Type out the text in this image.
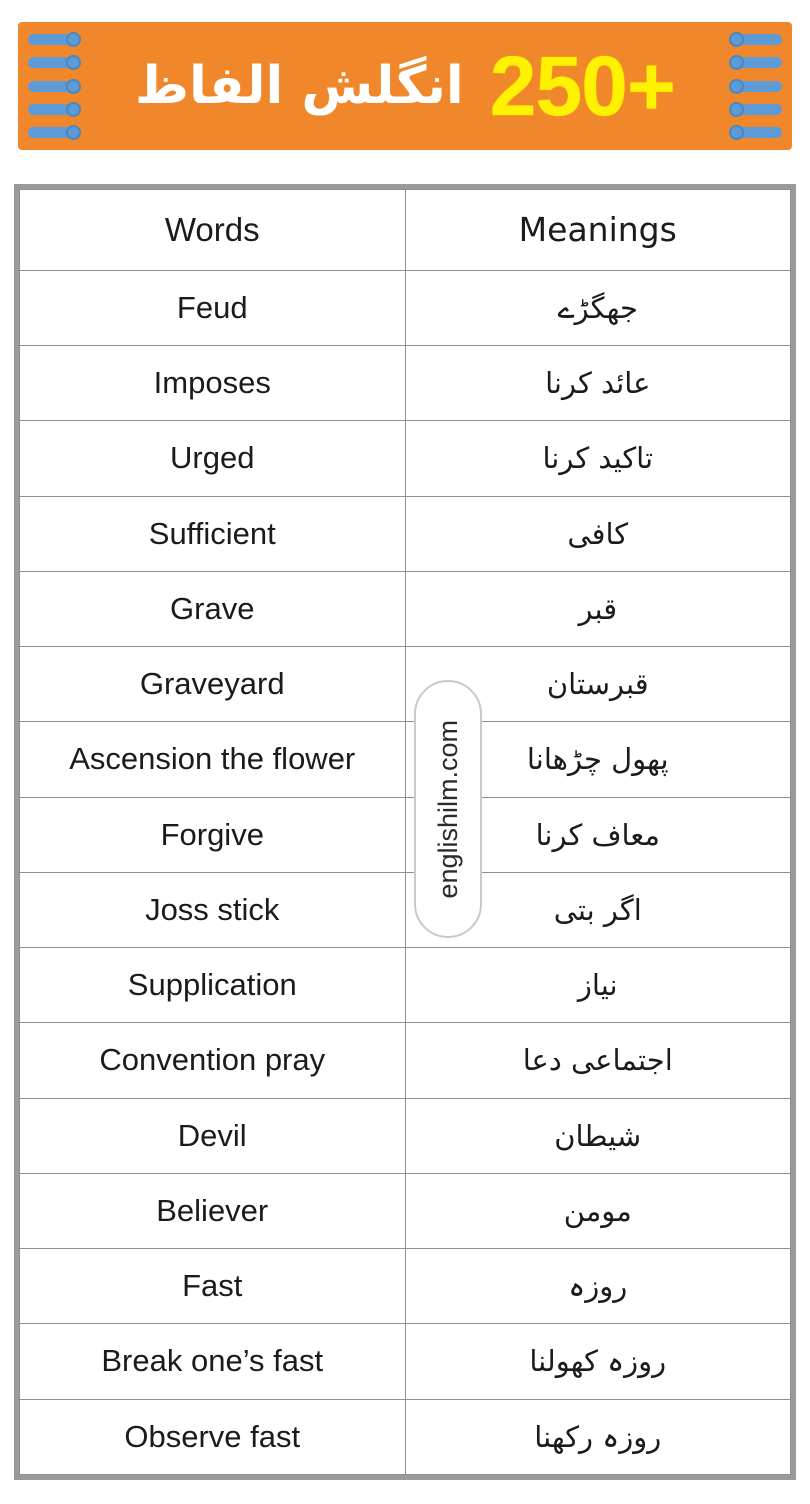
انگلش الفاظ 250+
Words	Meanings
Feud	جھگڑے
Imposes	عائد کرنا
Urged	تاکید کرنا
Sufficient	کافی
Grave	قبر
Graveyard	قبرستان
Ascension the flower	پھول چڑھانا
Forgive	معاف کرنا
Joss stick	اگر بتی
Supplication	نیاز
Convention pray	اجتماعی دعا
Devil	شیطان
Believer	مومن
Fast	روزہ
Break one’s fast	روزہ کھولنا
Observe fast	روزہ رکھنا
englishilm.com
